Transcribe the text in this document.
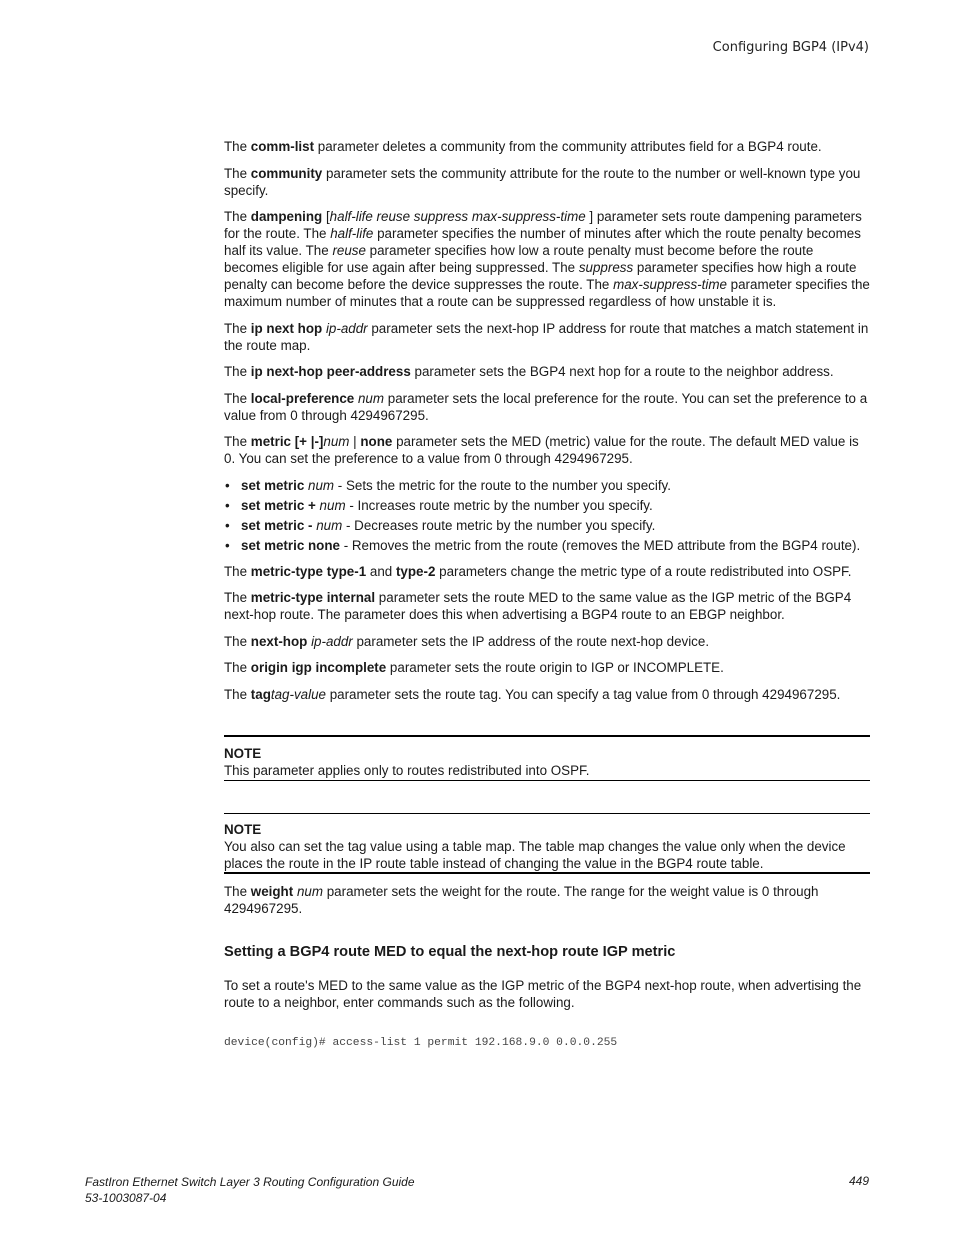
Configuring BGP4 (IPv4)

The comm-list parameter deletes a community from the community attributes field for a BGP4 route.

The community parameter sets the community attribute for the route to the number or well-known type you specify.

The dampening [half-life reuse suppress max-suppress-time ] parameter sets route dampening parameters for the route. The half-life parameter specifies the number of minutes after which the route penalty becomes half its value. The reuse parameter specifies how low a route penalty must become before the route becomes eligible for use again after being suppressed. The suppress parameter specifies how high a route penalty can become before the device suppresses the route. The max-suppress-time parameter specifies the maximum number of minutes that a route can be suppressed regardless of how unstable it is.

The ip next hop ip-addr parameter sets the next-hop IP address for route that matches a match statement in the route map.

The ip next-hop peer-address parameter sets the BGP4 next hop for a route to the neighbor address.

The local-preference num parameter sets the local preference for the route. You can set the preference to a value from 0 through 4294967295.

The metric [+ |-]num | none parameter sets the MED (metric) value for the route. The default MED value is 0. You can set the preference to a value from 0 through 4294967295.

• set metric num - Sets the metric for the route to the number you specify.
• set metric + num - Increases route metric by the number you specify.
• set metric - num - Decreases route metric by the number you specify.
• set metric none - Removes the metric from the route (removes the MED attribute from the BGP4 route).

The metric-type type-1 and type-2 parameters change the metric type of a route redistributed into OSPF.

The metric-type internal parameter sets the route MED to the same value as the IGP metric of the BGP4 next-hop route. The parameter does this when advertising a BGP4 route to an EBGP neighbor.

The next-hop ip-addr parameter sets the IP address of the route next-hop device.

The origin igp incomplete parameter sets the route origin to IGP or INCOMPLETE.

The tagtag-value parameter sets the route tag. You can specify a tag value from 0 through 4294967295.

NOTE

This parameter applies only to routes redistributed into OSPF.

NOTE

You also can set the tag value using a table map. The table map changes the value only when the device places the route in the IP route table instead of changing the value in the BGP4 route table.

The weight num parameter sets the weight for the route. The range for the weight value is 0 through 4294967295.

Setting a BGP4 route MED to equal the next-hop route IGP metric

To set a route's MED to the same value as the IGP metric of the BGP4 next-hop route, when advertising the route to a neighbor, enter commands such as the following.

device(config)# access-list 1 permit 192.168.9.0 0.0.0.255
FastIron Ethernet Switch Layer 3 Routing Configuration Guide
53-1003087-04
449
